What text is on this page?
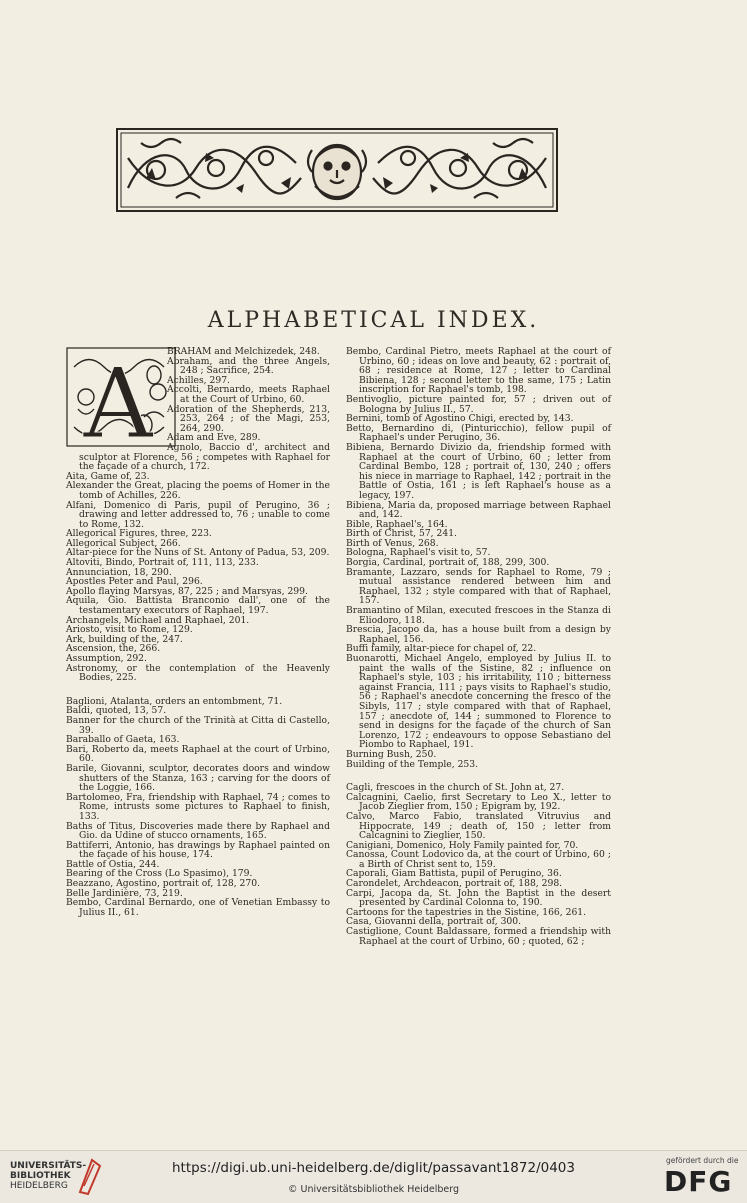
ALPHABETICAL INDEX.
A	BRAHAM and Melchizedek, 248.

Abraham, and the three Angels, 248 ; Sacrifice, 254.

Achilles, 297.

Accolti, Bernardo, meets Raphael at the Court of Urbino, 60.

Adoration of the Shepherds, 213, 253, 264 ; of the Magi, 253, 264, 290.

Adam and Eve, 289.

Agnolo, Baccio d', architect and sculptor at Florence, 56 ; competes with Raphael for the façade of a church, 172.

Aita, Game of, 23.

Alexander the Great, placing the poems of Homer in the tomb of Achilles, 226.

Alfani, Domenico di Paris, pupil of Perugino, 36 ; drawing and letter addressed to, 76 ; unable to come to Rome, 132.

Allegorical Figures, three, 223.

Allegorical Subject, 266.

Altar-piece for the Nuns of St. Antony of Padua, 53, 209.

Altoviti, Bindo, Portrait of, 111, 113, 233.

Annunciation, 18, 290.

Apostles Peter and Paul, 296.

Apollo flaying Marsyas, 87, 225 ; and Marsyas, 299.

Aquila, Gio. Battista Branconio dall', one of the testamentary executors of Raphael, 197.

Archangels, Michael and Raphael, 201.

Ariosto, visit to Rome, 129.

Ark, building of the, 247.

Ascension, the, 266.

Assumption, 292.

Astronomy, or the contemplation of the Heavenly Bodies, 225.

Baglioni, Atalanta, orders an entombment, 71.

Baldi, quoted, 13, 57.

Banner for the church of the Trinità at Citta di Castello, 39.

Baraballo of Gaeta, 163.

Bari, Roberto da, meets Raphael at the court of Urbino, 60.

Barile, Giovanni, sculptor, decorates doors and window shutters of the Stanza, 163 ; carving for the doors of the Loggie, 166.

Bartolomeo, Fra, friendship with Raphael, 74 ; comes to Rome, intrusts some pictures to Raphael to finish, 133.

Baths of Titus, Discoveries made there by Raphael and Gio. da Udine of stucco ornaments, 165.

Battiferri, Antonio, has drawings by Raphael painted on the façade of his house, 174.

Battle of Ostia, 244.

Bearing of the Cross (Lo Spasimo), 179.

Beazzano, Agostino, portrait of, 128, 270.

Belle Jardinière, 73, 219.

Bembo, Cardinal Bernardo, one of Venetian Embassy to Julius II., 61.

Bembo, Cardinal Pietro, meets Raphael at the court of Urbino, 60 ; ideas on love and beauty, 62 : portrait of, 68 ; residence at Rome, 127 ; letter to Cardinal Bibiena, 128 ; second letter to the same, 175 ; Latin inscription for Raphael's tomb, 198.

Bentivoglio, picture painted for, 57 ; driven out of Bologna by Julius II., 57.

Bernini, tomb of Agostino Chigi, erected by, 143.

Betto, Bernardino di, (Pinturicchio), fellow pupil of Raphael's under Perugino, 36.

Bibiena, Bernardo Divizio da, friendship formed with Raphael at the court of Urbino, 60 ; letter from Cardinal Bembo, 128 ; portrait of, 130, 240 ; offers his niece in marriage to Raphael, 142 ; portrait in the Battle of Ostia, 161 ; is left Raphael's house as a legacy, 197.

Bibiena, Maria da, proposed marriage between Raphael and, 142.

Bible, Raphael's, 164.

Birth of Christ, 57, 241.

Birth of Venus, 268.

Bologna, Raphael's visit to, 57.

Borgia, Cardinal, portrait of, 188, 299, 300.

Bramante, Lazzaro, sends for Raphael to Rome, 79 ; mutual assistance rendered between him and Raphael, 132 ; style compared with that of Raphael, 157.

Bramantino of Milan, executed frescoes in the Stanza di Eliodoro, 118.

Brescia, Jacopo da, has a house built from a design by Raphael, 156.

Buffi family, altar-piece for chapel of, 22.

Buonarotti, Michael Angelo, employed by Julius II. to paint the walls of the Sistine, 82 ; influence on Raphael's style, 103 ; his irritability, 110 ; bitterness against Francia, 111 ; pays visits to Raphael's studio, 56 ; Raphael's anecdote concerning the fresco of the Sibyls, 117 ; style compared with that of Raphael, 157 ; anecdote of, 144 ; summoned to Florence to send in designs for the façade of the church of San Lorenzo, 172 ; endeavours to oppose Sebastiano del Piombo to Raphael, 191.

Burning Bush, 250.

Building of the Temple, 253.

Cagli, frescoes in the church of St. John at, 27.

Calcagnini, Caelio, first Secretary to Leo X., letter to Jacob Zieglier from, 150 ; Epigram by, 192.

Calvo, Marco Fabio, translated Vitruvius and Hippocrate, 149 ; death of, 150 ; letter from Calcagnini to Zieglier, 150.

Canigiani, Domenico, Holy Family painted for, 70.

Canossa, Count Lodovico da, at the court of Urbino, 60 ; a Birth of Christ sent to, 159.

Caporali, Giam Battista, pupil of Perugino, 36.

Carondelet, Archdeacon, portrait of, 188, 298.

Carpi, Jacopa da, St. John the Baptist in the desert presented by Cardinal Colonna to, 190.

Cartoons for the tapestries in the Sistine, 166, 261.

Casa, Giovanni della, portrait of, 300.

Castiglione, Count Baldassare, formed a friendship with Raphael at the court of Urbino, 60 ; quoted, 62 ;

UNIVERSITÄTS-
BIBLIOTHEK
HEIDELBERG
https://digi.ub.uni-heidelberg.de/diglit/passavant1872/0403
© Universitätsbibliothek Heidelberg
gefördert durch die
DFG
